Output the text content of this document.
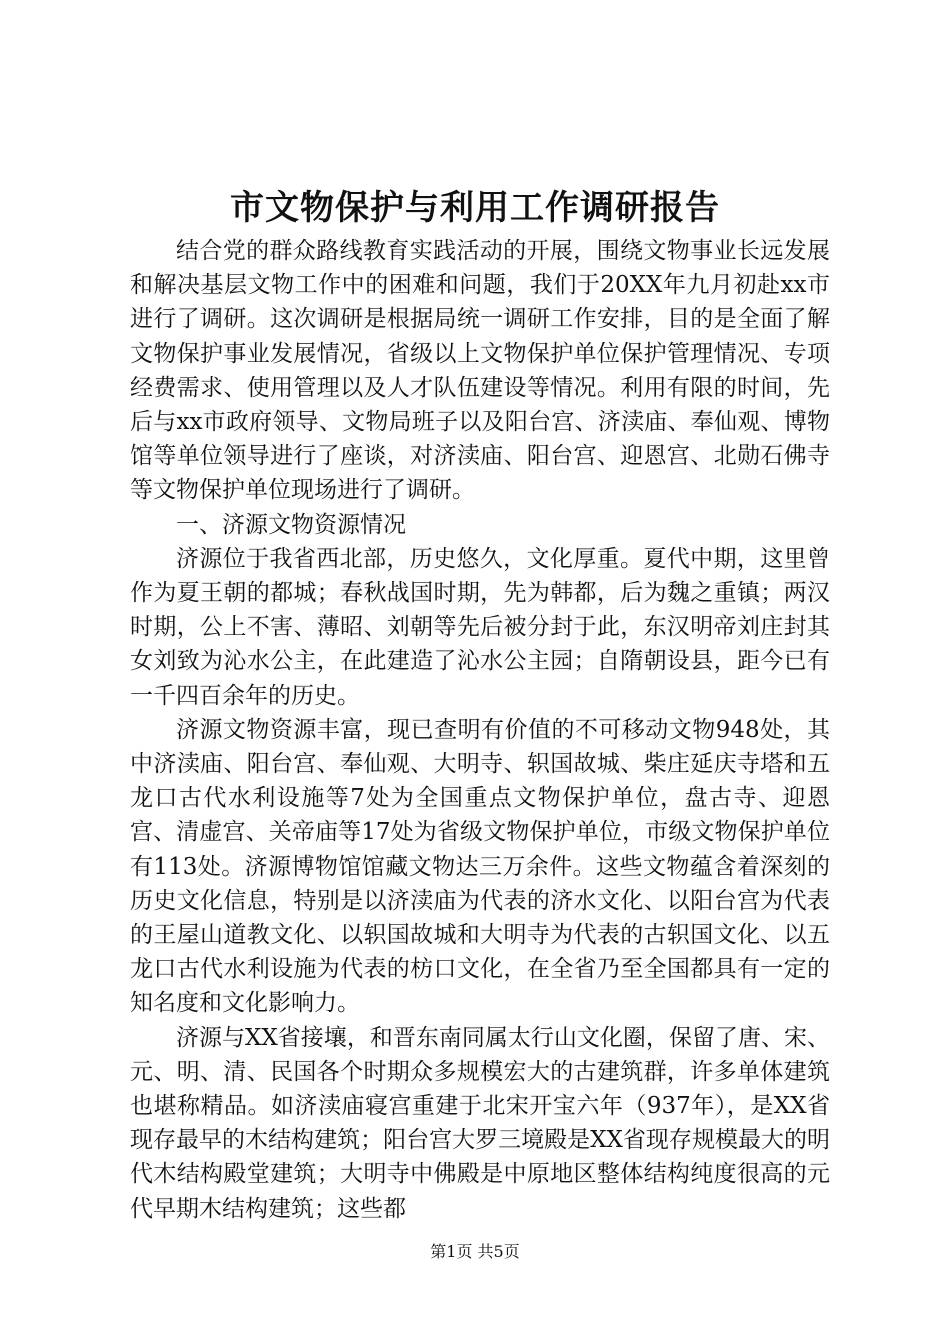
市文物保护与利用工作调研报告

结合党的群众路线教育实践活动的开展，围绕文物事业长远发展和解决基层文物工作中的困难和问题，我们于20XX年九月初赴xx市进行了调研。这次调研是根据局统一调研工作安排，目的是全面了解文物保护事业发展情况，省级以上文物保护单位保护管理情况、专项经费需求、使用管理以及人才队伍建设等情况。利用有限的时间，先后与xx市政府领导、文物局班子以及阳台宫、济渎庙、奉仙观、博物馆等单位领导进行了座谈，对济渎庙、阳台宫、迎恩宫、北勋石佛寺等文物保护单位现场进行了调研。

一、济源文物资源情况

济源位于我省西北部，历史悠久，文化厚重。夏代中期，这里曾作为夏王朝的都城；春秋战国时期，先为韩都，后为魏之重镇；两汉时期，公上不害、薄昭、刘朝等先后被分封于此，东汉明帝刘庄封其女刘致为沁水公主，在此建造了沁水公主园；自隋朝设县，距今已有一千四百余年的历史。

济源文物资源丰富，现已查明有价值的不可移动文物948处，其中济渎庙、阳台宫、奉仙观、大明寺、轵国故城、柴庄延庆寺塔和五龙口古代水利设施等7处为全国重点文物保护单位，盘古寺、迎恩宫、清虚宫、关帝庙等17处为省级文物保护单位，市级文物保护单位有113处。济源博物馆馆藏文物达三万余件。这些文物蕴含着深刻的历史文化信息，特别是以济渎庙为代表的济水文化、以阳台宫为代表的王屋山道教文化、以轵国故城和大明寺为代表的古轵国文化、以五龙口古代水利设施为代表的枋口文化，在全省乃至全国都具有一定的知名度和文化影响力。

济源与XX省接壤，和晋东南同属太行山文化圈，保留了唐、宋、元、明、清、民国各个时期众多规模宏大的古建筑群，许多单体建筑也堪称精品。如济渎庙寝宫重建于北宋开宝六年（937年），是XX省现存最早的木结构建筑；阳台宫大罗三境殿是XX省现存规模最大的明代木结构殿堂建筑；大明寺中佛殿是中原地区整体结构纯度很高的元代早期木结构建筑；这些都

第1页 共5页
